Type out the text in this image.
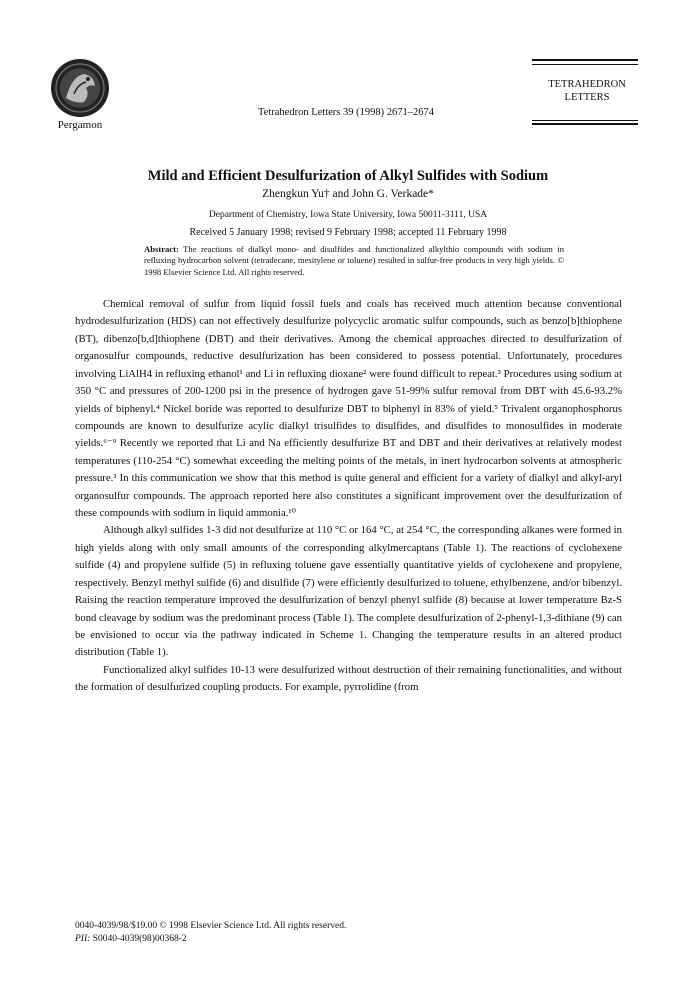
Pergamon
Tetrahedron Letters 39 (1998) 2671–2674
TETRAHEDRON
LETTERS
Mild and Efficient Desulfurization of Alkyl Sulfides with Sodium
Zhengkun Yu† and John G. Verkade*
Department of Chemistry, Iowa State University, Iowa 50011-3111, USA
Received 5 January 1998; revised 9 February 1998; accepted 11 February 1998
Abstract: The reactions of dialkyl mono- and disulfides and functionalized alkylthio compounds with sodium in refluxing hydrocarbon solvent (tetradecane, mesitylene or toluene) resulted in sulfur-free products in very high yields. © 1998 Elsevier Science Ltd. All rights reserved.

Chemical removal of sulfur from liquid fossil fuels and coals has received much attention because conventional hydrodesulfurization (HDS) can not effectively desulfurize polycyclic aromatic sulfur compounds, such as benzo[b]thiophene (BT), dibenzo[b,d]thiophene (DBT) and their derivatives. Among the chemical approaches directed to desulfurization of organosulfur compounds, reductive desulfurization has been considered to possess potential. Unfortunately, procedures involving LiAlH4 in refluxing ethanol¹ and Li in refluxing dioxane² were found difficult to repeat.³ Procedures using sodium at 350 °C and pressures of 200-1200 psi in the presence of hydrogen gave 51-99% sulfur removal from DBT with 45.6-93.2% yields of biphenyl.⁴ Nickel boride was reported to desulfurize DBT to biphenyl in 83% of yield.⁵ Trivalent organophosphorus compounds are known to desulfurize acylic dialkyl trisulfides to disulfides, and disulfides to monosulfides in moderate yields.⁶⁻⁹ Recently we reported that Li and Na efficiently desulfurize BT and DBT and their derivatives at relatively modest temperatures (110-254 °C) somewhat exceeding the melting points of the metals, in inert hydrocarbon solvents at atmospheric pressure.³ In this communication we show that this method is quite general and efficient for a variety of dialkyl and alkyl-aryl organosulfur compounds. The approach reported here also constitutes a significant improvement over the desulfurization of these compounds with sodium in liquid ammonia.¹⁰

Although alkyl sulfides 1-3 did not desulfurize at 110 °C or 164 °C, at 254 °C, the corresponding alkanes were formed in high yields along with only small amounts of the corresponding alkylmercaptans (Table 1). The reactions of cyclohexene sulfide (4) and propylene sulfide (5) in refluxing toluene gave essentially quantitative yields of cyclohexene and propylene, respectively. Benzyl methyl sulfide (6) and disulfide (7) were efficiently desulfurized to toluene, ethylbenzene, and/or bibenzyl. Raising the reaction temperature improved the desulfurization of benzyl phenyl sulfide (8) because at lower temperature Bz-S bond cleavage by sodium was the predominant process (Table 1). The complete desulfurization of 2-phenyl-1,3-dithiane (9) can be envisioned to occur via the pathway indicated in Scheme 1. Changing the temperature results in an altered product distribution (Table 1).

Functionalized alkyl sulfides 10-13 were desulfurized without destruction of their remaining functionalities, and without the formation of desulfurized coupling products. For example, pyrrolidine (from

0040-4039/98/$19.00 © 1998 Elsevier Science Ltd. All rights reserved.
PII: S0040-4039(98)00368-2
